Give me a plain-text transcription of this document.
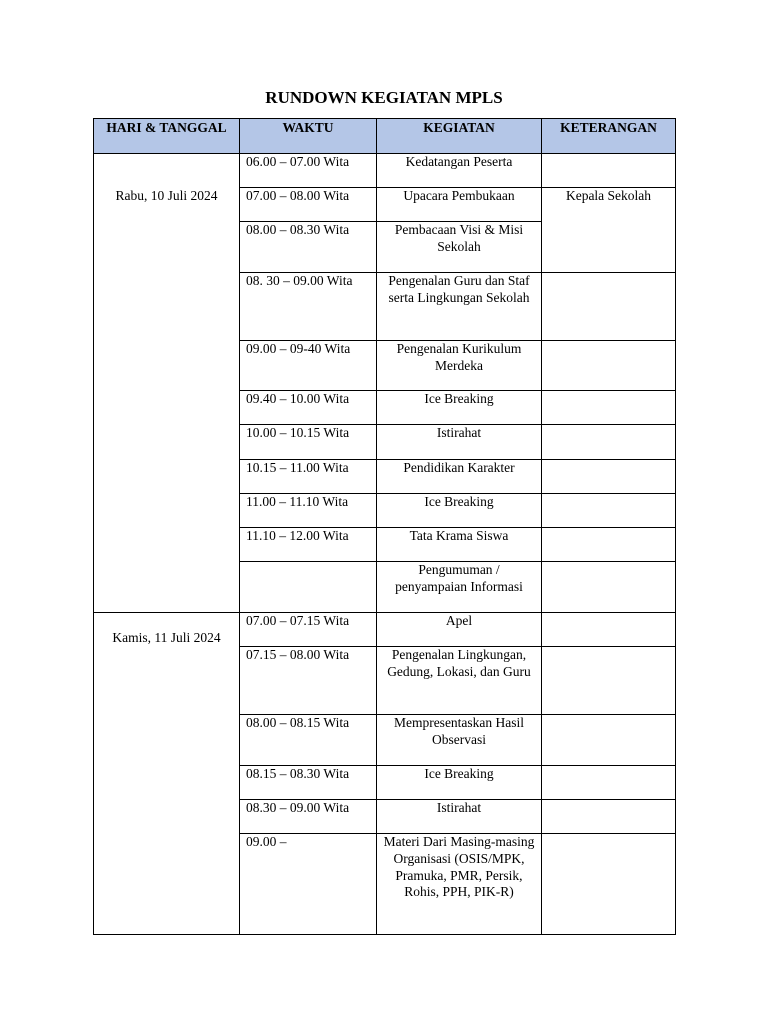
RUNDOWN KEGIATAN MPLS
HARI & TANGGAL	WAKTU	KEGIATAN	KETERANGAN

Rabu, 10 Juli 2024	06.00 – 07.00 Wita	Kedatangan Peserta	
	07.00 – 08.00 Wita	Upacara Pembukaan	Kepala Sekolah
	08.00 – 08.30 Wita	Pembacaan Visi & Misi Sekolah	
	08. 30 – 09.00 Wita	Pengenalan Guru dan Staf serta Lingkungan Sekolah	
	09.00 – 09-40 Wita	Pengenalan Kurikulum Merdeka	
	09.40 – 10.00 Wita	Ice Breaking	
	10.00 – 10.15 Wita	Istirahat	
	10.15 – 11.00 Wita	Pendidikan Karakter	
	11.00 – 11.10 Wita	Ice Breaking	
	11.10 – 12.00 Wita	Tata Krama Siswa	
		Pengumuman / penyampaian Informasi	

Kamis, 11 Juli 2024	07.00 – 07.15 Wita	Apel	
	07.15 – 08.00 Wita	Pengenalan Lingkungan, Gedung, Lokasi, dan Guru	
	08.00 – 08.15 Wita	Mempresentaskan Hasil Observasi	
	08.15 – 08.30 Wita	Ice Breaking	
	08.30 – 09.00 Wita	Istirahat	
	09.00 –	Materi Dari Masing-masing Organisasi (OSIS/MPK, Pramuka, PMR, Persik, Rohis, PPH, PIK-R)	
